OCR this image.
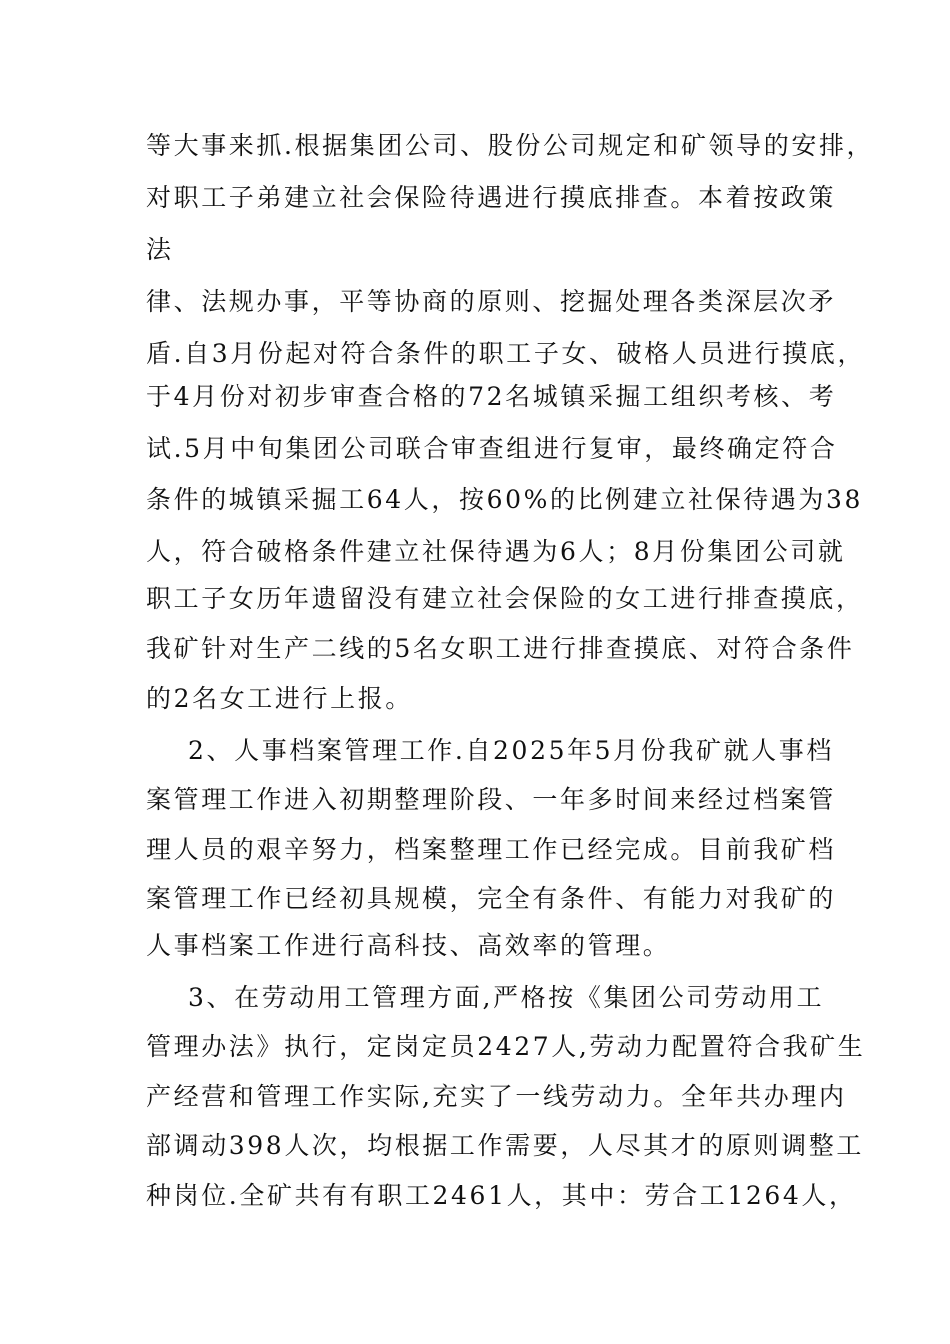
等大事来抓.根据集团公司、股份公司规定和矿领导的安排，
对职工子弟建立社会保险待遇进行摸底排查。本着按政策
法
律、法规办事，平等协商的原则、挖掘处理各类深层次矛
盾.自3月份起对符合条件的职工子女、破格人员进行摸底，
于4月份对初步审查合格的72名城镇采掘工组织考核、考
试.5月中旬集团公司联合审查组进行复审，最终确定符合
条件的城镇采掘工64人，按60%的比例建立社保待遇为38
人，符合破格条件建立社保待遇为6人；8月份集团公司就
职工子女历年遗留没有建立社会保险的女工进行排查摸底，
我矿针对生产二线的5名女职工进行排查摸底、对符合条件
的2名女工进行上报。
2、人事档案管理工作.自2025年5月份我矿就人事档
案管理工作进入初期整理阶段、一年多时间来经过档案管
理人员的艰辛努力，档案整理工作已经完成。目前我矿档
案管理工作已经初具规模，完全有条件、有能力对我矿的
人事档案工作进行高科技、高效率的管理。
3、在劳动用工管理方面,严格按《集团公司劳动用工
管理办法》执行，定岗定员2427人,劳动力配置符合我矿生
产经营和管理工作实际,充实了一线劳动力。全年共办理内
部调动398人次，均根据工作需要，人尽其才的原则调整工
种岗位.全矿共有有职工2461人，其中：劳合工1264人，
